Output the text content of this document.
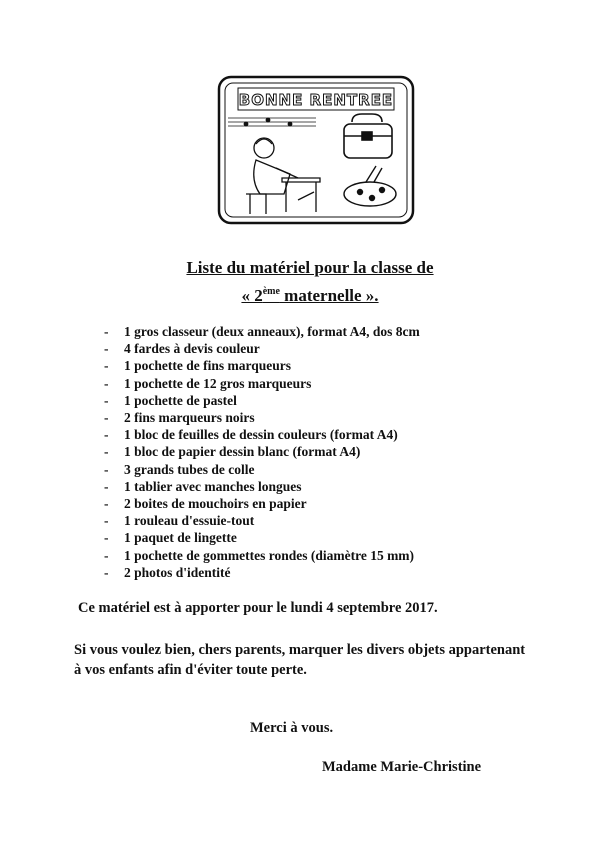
BONNE RENTREE
Liste du matériel pour la classe de
« 2ème maternelle ».
- 1 gros classeur (deux anneaux), format A4, dos 8cm
- 4 fardes à devis couleur
- 1 pochette de fins marqueurs
- 1 pochette de 12 gros marqueurs
- 1 pochette de pastel
- 2 fins marqueurs noirs
- 1 bloc de feuilles de dessin couleurs (format A4)
- 1 bloc de papier dessin blanc (format A4)
- 3 grands tubes de colle
- 1 tablier avec manches longues
- 2 boites de mouchoirs en papier
- 1 rouleau d'essuie-tout
- 1 paquet de lingette
- 1 pochette de gommettes rondes (diamètre 15 mm)
- 2 photos d'identité
Ce matériel est à apporter pour le lundi 4 septembre 2017.
Si vous voulez bien, chers parents, marquer les divers objets appartenant à vos enfants afin d'éviter toute perte.
Merci à vous.
Madame Marie-Christine
